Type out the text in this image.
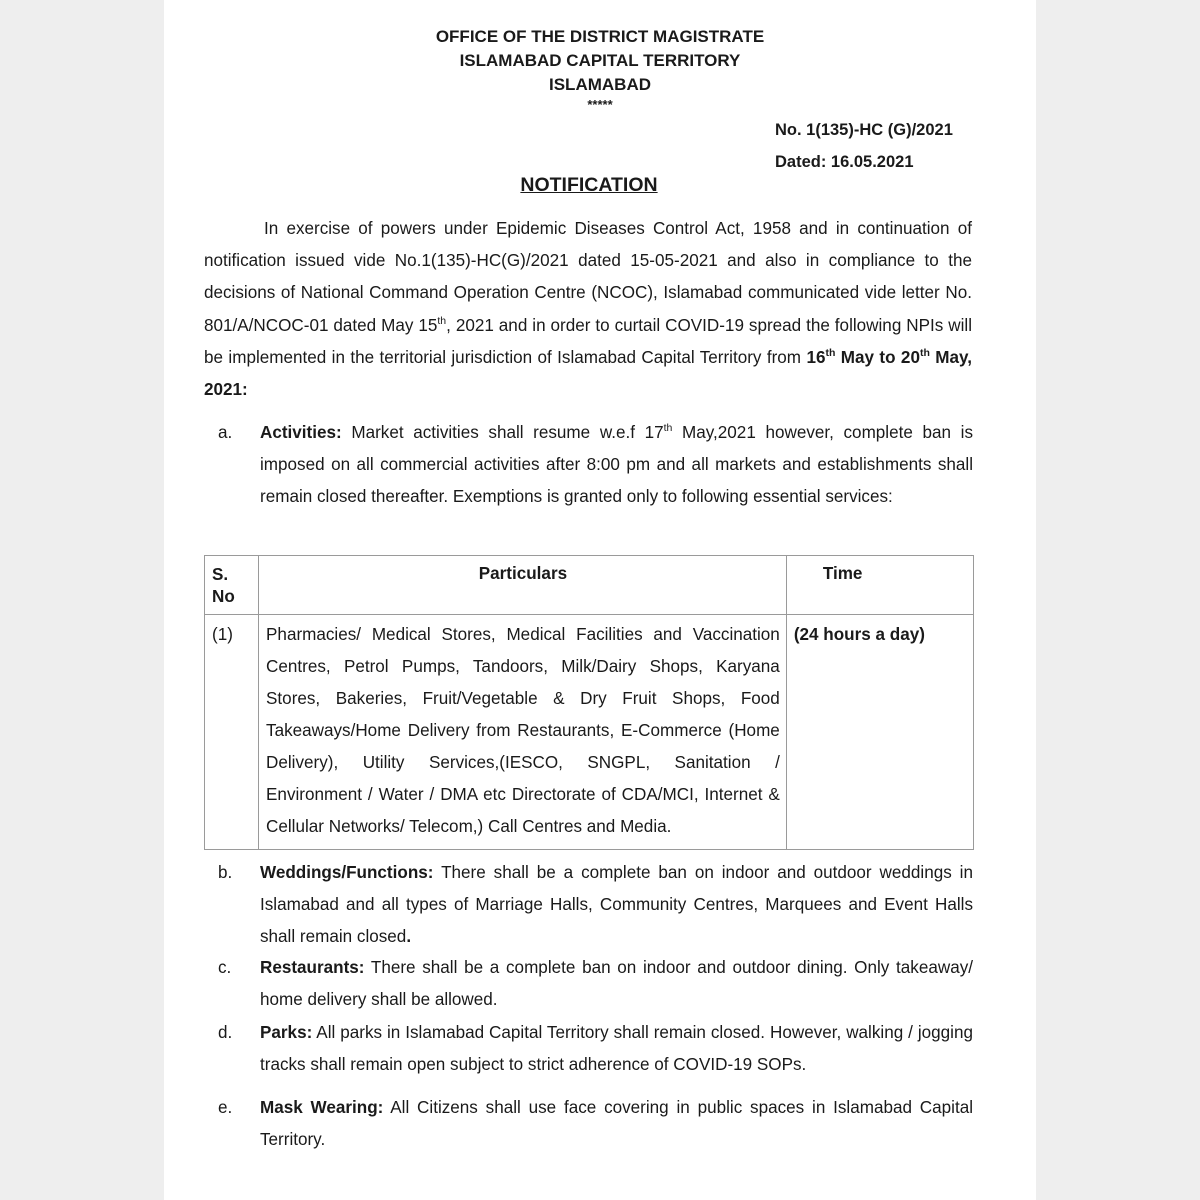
OFFICE OF THE DISTRICT MAGISTRATE
ISLAMABAD CAPITAL TERRITORY
ISLAMABAD
*****
No. 1(135)-HC (G)/2021
Dated: 16.05.2021
NOTIFICATION
In exercise of powers under Epidemic Diseases Control Act, 1958 and in continuation of notification issued vide No.1(135)-HC(G)/2021 dated 15-05-2021 and also in compliance to the decisions of National Command Operation Centre (NCOC), Islamabad communicated vide letter No. 801/A/NCOC-01 dated May 15th, 2021 and in order to curtail COVID-19 spread the following NPIs will be implemented in the territorial jurisdiction of Islamabad Capital Territory from 16th May to 20th May, 2021:
a. Activities: Market activities shall resume w.e.f 17th May,2021 however, complete ban is imposed on all commercial activities after 8:00 pm and all markets and establishments shall remain closed thereafter. Exemptions is granted only to following essential services:
S. No	Particulars	Time
(1)	Pharmacies/ Medical Stores, Medical Facilities and Vaccination Centres, Petrol Pumps, Tandoors, Milk/Dairy Shops, Karyana Stores, Bakeries, Fruit/Vegetable & Dry Fruit Shops, Food Takeaways/Home Delivery from Restaurants, E-Commerce (Home Delivery), Utility Services,(IESCO, SNGPL, Sanitation / Environment / Water / DMA etc Directorate of CDA/MCI, Internet & Cellular Networks/ Telecom,) Call Centres and Media.	(24 hours a day)
b. Weddings/Functions: There shall be a complete ban on indoor and outdoor weddings in Islamabad and all types of Marriage Halls, Community Centres, Marquees and Event Halls shall remain closed.
c. Restaurants: There shall be a complete ban on indoor and outdoor dining. Only takeaway/ home delivery shall be allowed.
d. Parks: All parks in Islamabad Capital Territory shall remain closed. However, walking / jogging tracks shall remain open subject to strict adherence of COVID-19 SOPs.
e. Mask Wearing: All Citizens shall use face covering in public spaces in Islamabad Capital Territory.
